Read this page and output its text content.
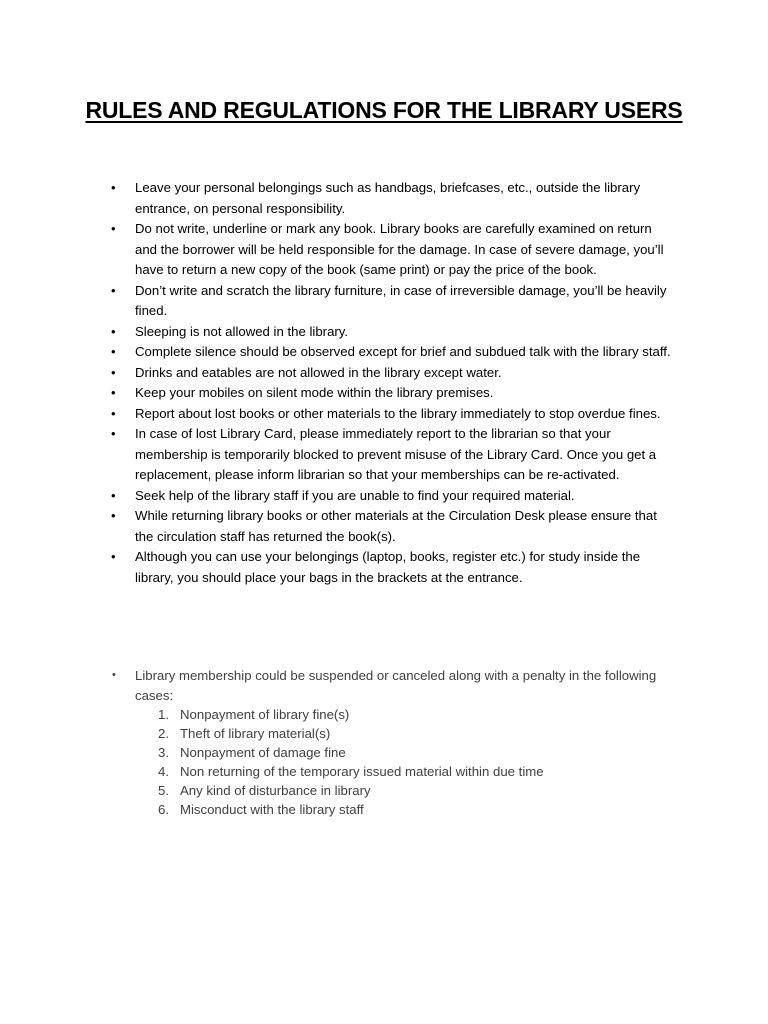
RULES AND REGULATIONS FOR THE LIBRARY USERS
• Leave your personal belongings such as handbags, briefcases, etc., outside the library entrance, on personal responsibility.
• Do not write, underline or mark any book. Library books are carefully examined on return and the borrower will be held responsible for the damage. In case of severe damage, you’ll have to return a new copy of the book (same print) or pay the price of the book.
• Don’t write and scratch the library furniture, in case of irreversible damage, you’ll be heavily fined.
• Sleeping is not allowed in the library.
• Complete silence should be observed except for brief and subdued talk with the library staff.
• Drinks and eatables are not allowed in the library except water.
• Keep your mobiles on silent mode within the library premises.
• Report about lost books or other materials to the library immediately to stop overdue fines.
• In case of lost Library Card, please immediately report to the librarian so that your membership is temporarily blocked to prevent misuse of the Library Card. Once you get a replacement, please inform librarian so that your memberships can be re-activated.
• Seek help of the library staff if you are unable to find your required material.
• While returning library books or other materials at the Circulation Desk please ensure that the circulation staff has returned the book(s).
• Although you can use your belongings (laptop, books, register etc.) for study inside the library, you should place your bags in the brackets at the entrance.
• Library membership could be suspended or canceled along with a penalty in the following cases:
1. Nonpayment of library fine(s)
2. Theft of library material(s)
3. Nonpayment of damage fine
4. Non returning of the temporary issued material within due time
5. Any kind of disturbance in library
6. Misconduct with the library staff
